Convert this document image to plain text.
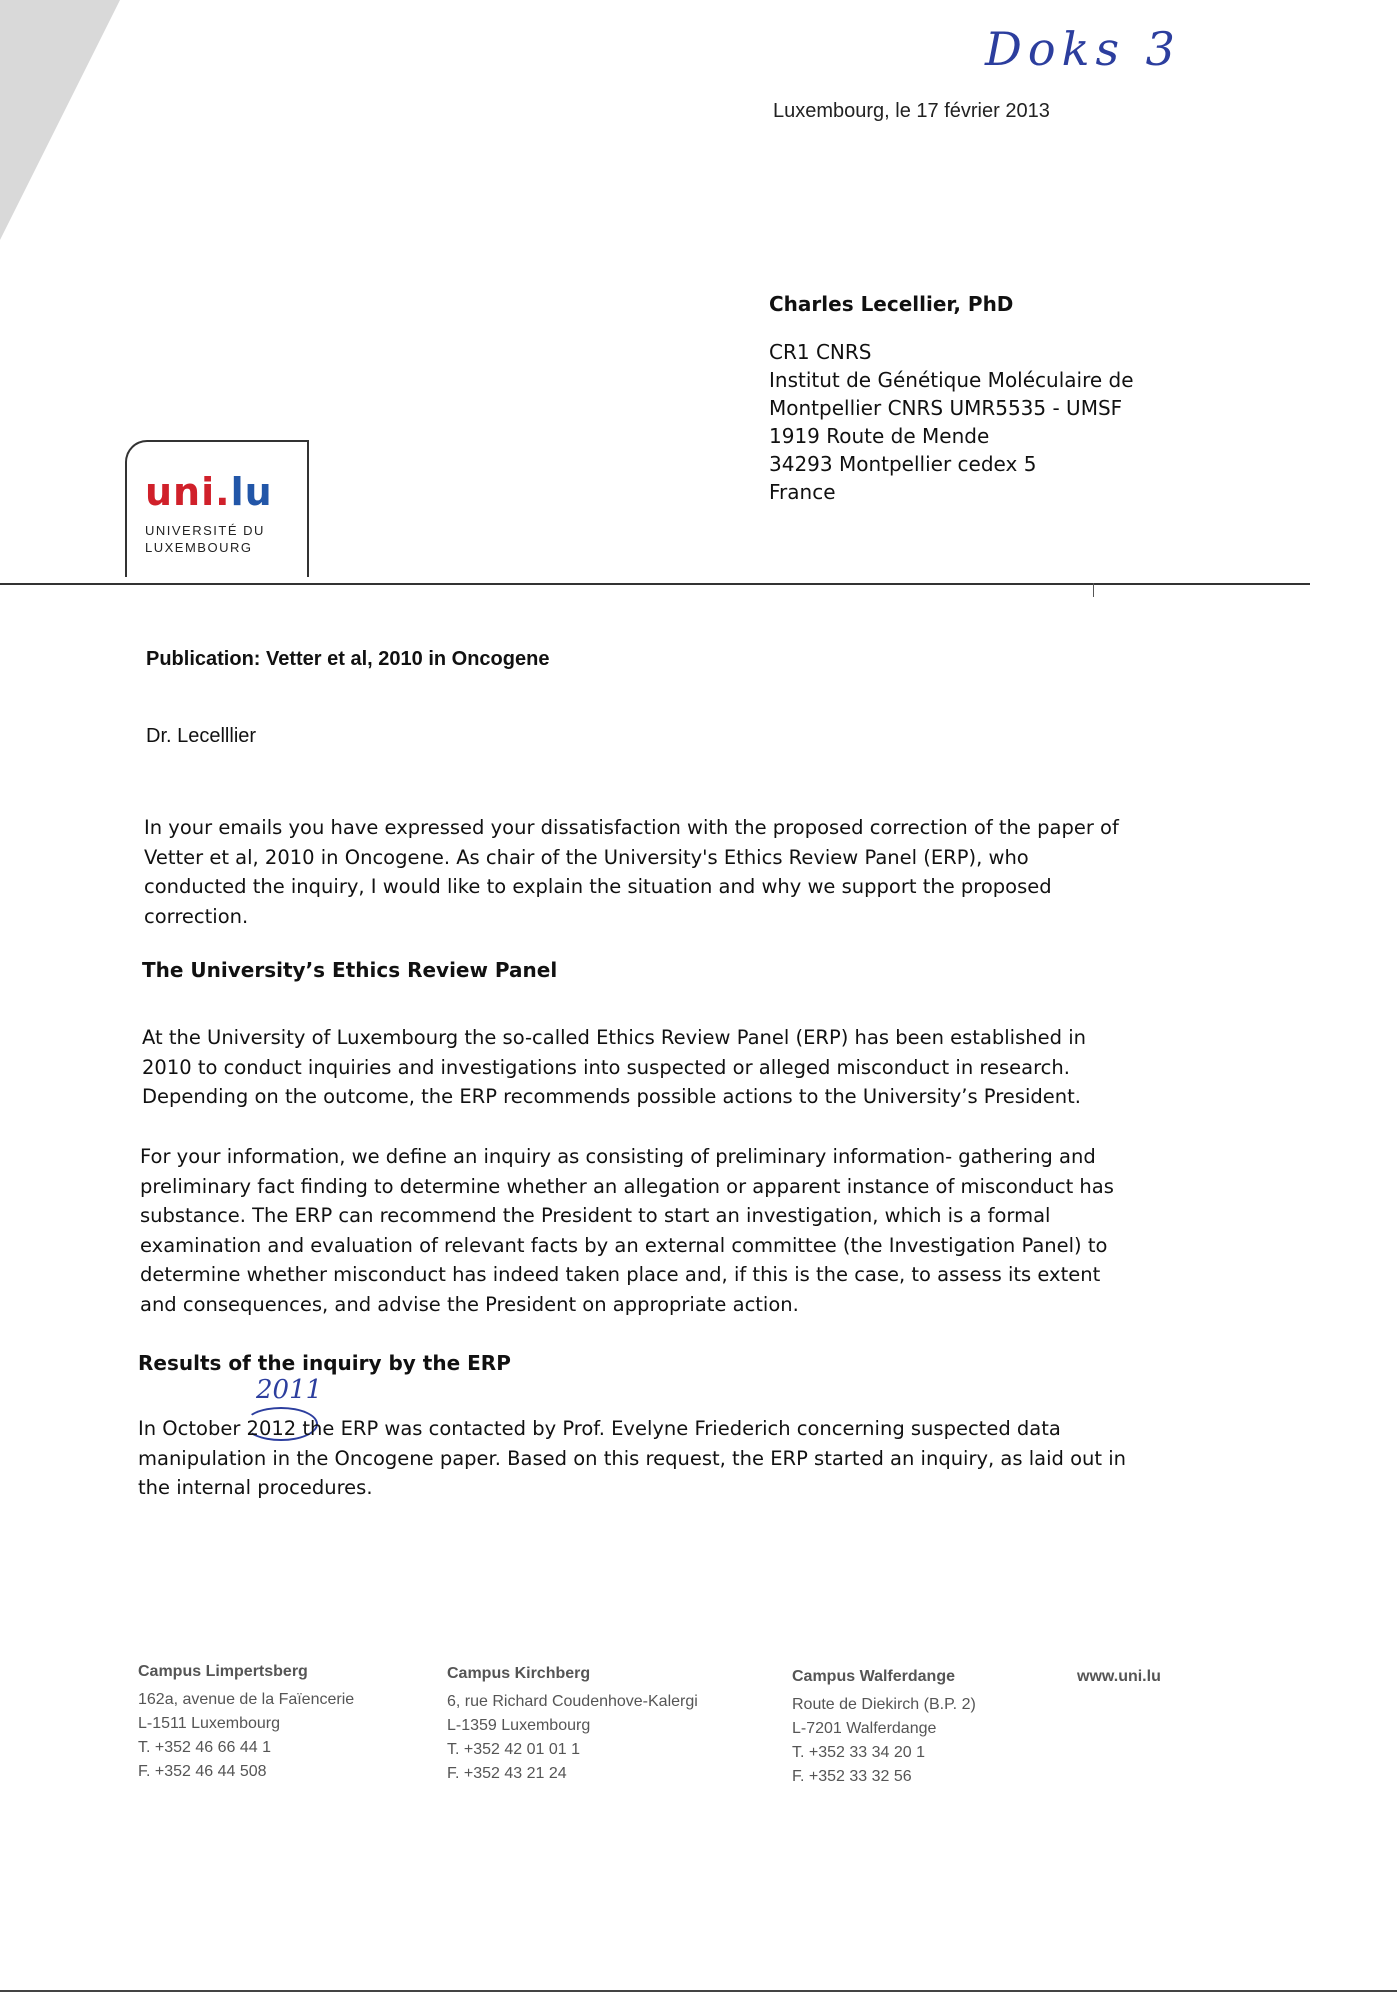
Doks 3
Luxembourg, le 17 février 2013
Charles Lecellier, PhD
CR1 CNRS
Institut de Génétique Moléculaire de
Montpellier CNRS UMR5535 - UMSF
1919 Route de Mende
34293 Montpellier cedex 5
France
uni.lu
UNIVERSITÉ DU
LUXEMBOURG
Publication: Vetter et al, 2010 in Oncogene
Dr. Lecelllier
In your emails you have expressed your dissatisfaction with the proposed correction of the paper of Vetter et al, 2010 in Oncogene. As chair of the University's Ethics Review Panel (ERP), who conducted the inquiry, I would like to explain the situation and why we support the proposed correction.
The University’s Ethics Review Panel
At the University of Luxembourg the so-called Ethics Review Panel (ERP) has been established in 2010 to conduct inquiries and investigations into suspected or alleged misconduct in research. Depending on the outcome, the ERP recommends possible actions to the University’s President.
For your information, we define an inquiry as consisting of preliminary information- gathering and preliminary fact finding to determine whether an allegation or apparent instance of misconduct has substance. The ERP can recommend the President to start an investigation, which is a formal examination and evaluation of relevant facts by an external committee (the Investigation Panel) to determine whether misconduct has indeed taken place and, if this is the case, to assess its extent and consequences, and advise the President on appropriate action.
Results of the inquiry by the ERP
2011
In October 2012 the ERP was contacted by Prof. Evelyne Friederich concerning suspected data manipulation in the Oncogene paper. Based on this request, the ERP started an inquiry, as laid out in the internal procedures.
Campus Limpertsberg
162a, avenue de la Faïencerie
L-1511 Luxembourg
T. +352 46 66 44 1
F. +352 46 44 508
Campus Kirchberg
6, rue Richard Coudenhove-Kalergi
L-1359 Luxembourg
T. +352 42 01 01 1
F. +352 43 21 24
Campus Walferdange
Route de Diekirch (B.P. 2)
L-7201 Walferdange
T. +352 33 34 20 1
F. +352 33 32 56
www.uni.lu
